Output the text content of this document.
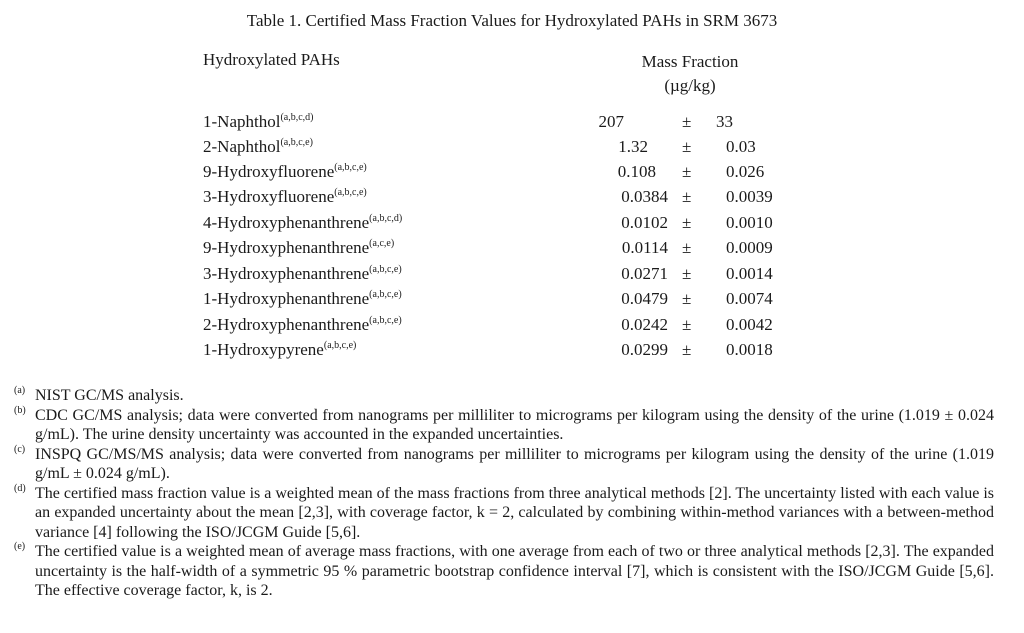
Table 1. Certified Mass Fraction Values for Hydroxylated PAHs in SRM 3673
Hydroxylated PAHs	Mass Fraction
(µg/kg)
1-Naphthol$^{(a,b,c,d)}$	207	± 33
2-Naphthol$^{(a,b,c,e)}$	1.32 ± 0.03
9-Hydroxyfluorene$^{(a,b,c,e)}$	0.108 ± 0.026
3-Hydroxyfluorene$^{(a,b,c,e)}$	0.0384 ± 0.0039
4-Hydroxyphenanthrene$^{(a,b,c,d)}$	0.0102 ± 0.0010
9-Hydroxyphenanthrene$^{(a,c,e)}$	0.0114 ± 0.0009
3-Hydroxyphenanthrene$^{(a,b,c,e)}$	0.0271 ± 0.0014
1-Hydroxyphenanthrene$^{(a,b,c,e)}$	0.0479 ± 0.0074
2-Hydroxyphenanthrene$^{(a,b,c,e)}$	0.0242 ± 0.0042
1-Hydroxypyrene$^{(a,b,c,e)}$	0.0299 ± 0.0018
(a) NIST GC/MS analysis.
(b) CDC GC/MS analysis; data were converted from nanograms per milliliter to micrograms per kilogram using the density of the urine (1.019 ± 0.024 g/mL). The urine density uncertainty was accounted in the expanded uncertainties.
(c) INSPQ GC/MS/MS analysis; data were converted from nanograms per milliliter to micrograms per kilogram using the density of the urine (1.019 g/mL ± 0.024 g/mL).
(d) The certified mass fraction value is a weighted mean of the mass fractions from three analytical methods [2]. The uncertainty listed with each value is an expanded uncertainty about the mean [2,3], with coverage factor, k = 2, calculated by combining within-method variances with a between-method variance [4] following the ISO/JCGM Guide [5,6].
(e) The certified value is a weighted mean of average mass fractions, with one average from each of two or three analytical methods [2,3]. The expanded uncertainty is the half-width of a symmetric 95 % parametric bootstrap confidence interval [7], which is consistent with the ISO/JCGM Guide [5,6]. The effective coverage factor, k, is 2.
